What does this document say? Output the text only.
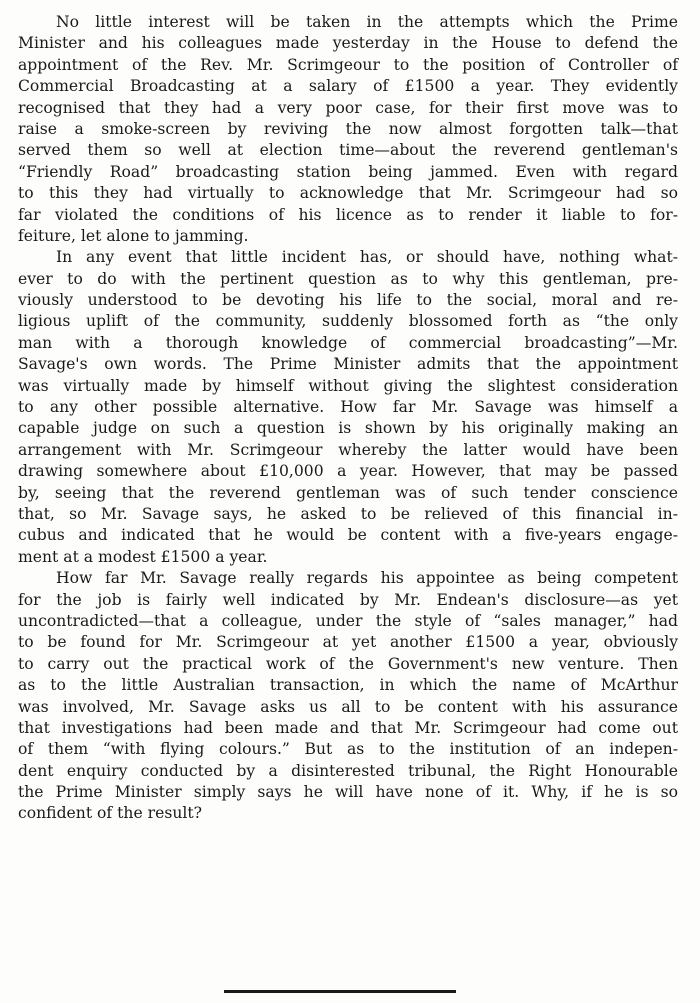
No little interest will be taken in the attempts which the Prime
Minister and his colleagues made yesterday in the House to defend the
appointment of the Rev. Mr. Scrimgeour to the position of Controller of
Commercial Broadcasting at a salary of £1500 a year. They evidently
recognised that they had a very poor case, for their first move was to
raise a smoke-screen by reviving the now almost forgotten talk—that
served them so well at election time—about the reverend gentleman's
“Friendly Road” broadcasting station being jammed. Even with regard
to this they had virtually to acknowledge that Mr. Scrimgeour had so
far violated the conditions of his licence as to render it liable to for-
feiture, let alone to jamming.
In any event that little incident has, or should have, nothing what-
ever to do with the pertinent question as to why this gentleman, pre-
viously understood to be devoting his life to the social, moral and re-
ligious uplift of the community, suddenly blossomed forth as “the only
man with a thorough knowledge of commercial broadcasting”—Mr.
Savage's own words. The Prime Minister admits that the appointment
was virtually made by himself without giving the slightest consideration
to any other possible alternative. How far Mr. Savage was himself a
capable judge on such a question is shown by his originally making an
arrangement with Mr. Scrimgeour whereby the latter would have been
drawing somewhere about £10,000 a year. However, that may be passed
by, seeing that the reverend gentleman was of such tender conscience
that, so Mr. Savage says, he asked to be relieved of this financial in-
cubus and indicated that he would be content with a five-years engage-
ment at a modest £1500 a year.
How far Mr. Savage really regards his appointee as being competent
for the job is fairly well indicated by Mr. Endean's disclosure—as yet
uncontradicted—that a colleague, under the style of “sales manager,” had
to be found for Mr. Scrimgeour at yet another £1500 a year, obviously
to carry out the practical work of the Government's new venture. Then
as to the little Australian transaction, in which the name of McArthur
was involved, Mr. Savage asks us all to be content with his assurance
that investigations had been made and that Mr. Scrimgeour had come out
of them “with flying colours.” But as to the institution of an indepen-
dent enquiry conducted by a disinterested tribunal, the Right Honourable
the Prime Minister simply says he will have none of it. Why, if he is so
confident of the result?
